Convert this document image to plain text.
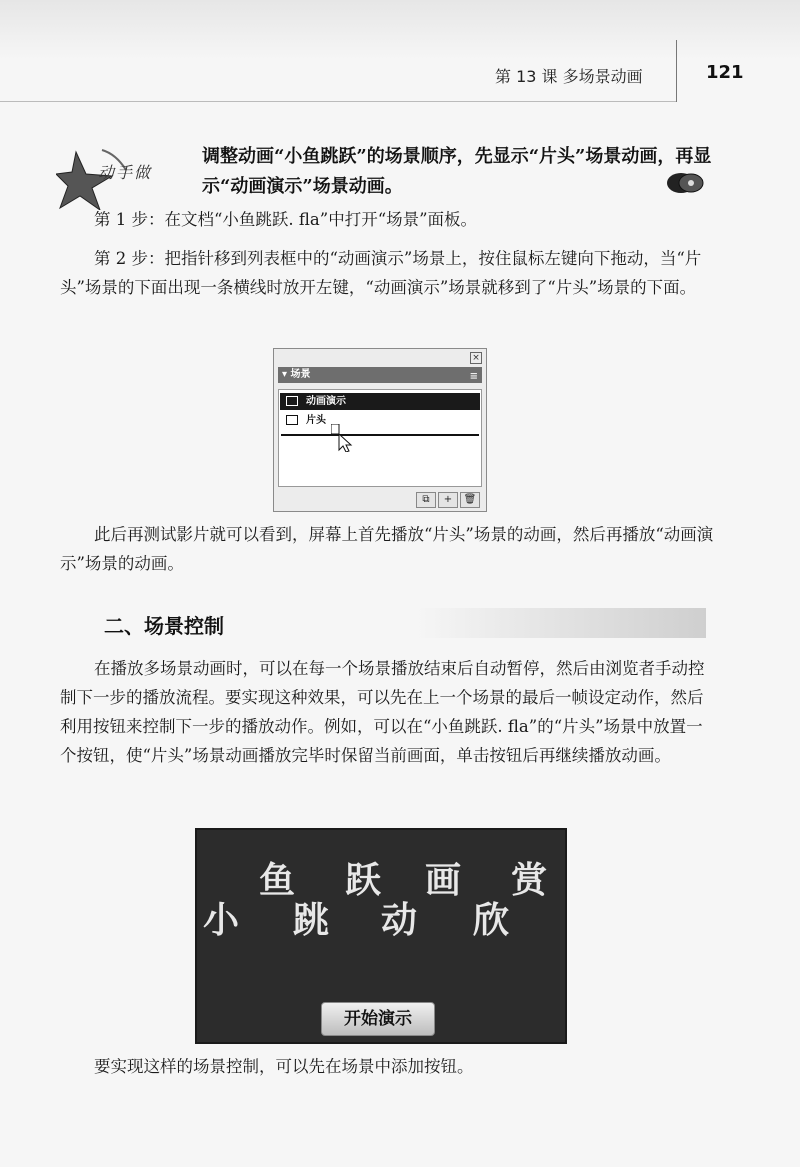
第 13 课 多场景动画	121
动手做
调整动画“小鱼跳跃”的场景顺序，先显示“片头”场景动画，再显示“动画演示”场景动画。
第 1 步：在文档“小鱼跳跃. fla”中打开“场景”面板。
第 2 步：把指针移到列表框中的“动画演示”场景上，按住鼠标左键向下拖动，当“片头”场景的下面出现一条横线时放开左键，“动画演示”场景就移到了“片头”场景的下面。
×
▾ 场景	≡
动画演示
片头
⧉	+	🗑
此后再测试影片就可以看到，屏幕上首先播放“片头”场景的动画，然后再播放“动画演示”场景的动画。
二、场景控制
在播放多场景动画时，可以在每一个场景播放结束后自动暂停，然后由浏览者手动控制下一步的播放流程。要实现这种效果，可以先在上一个场景的最后一帧设定动作，然后利用按钮来控制下一步的播放动作。例如，可以在“小鱼跳跃. fla”的“片头”场景中放置一个按钮，使“片头”场景动画播放完毕时保留当前画面，单击按钮后再继续播放动画。
鱼 跃 画 赏
小 跳 动 欣
开始演示
要实现这样的场景控制，可以先在场景中添加按钮。
